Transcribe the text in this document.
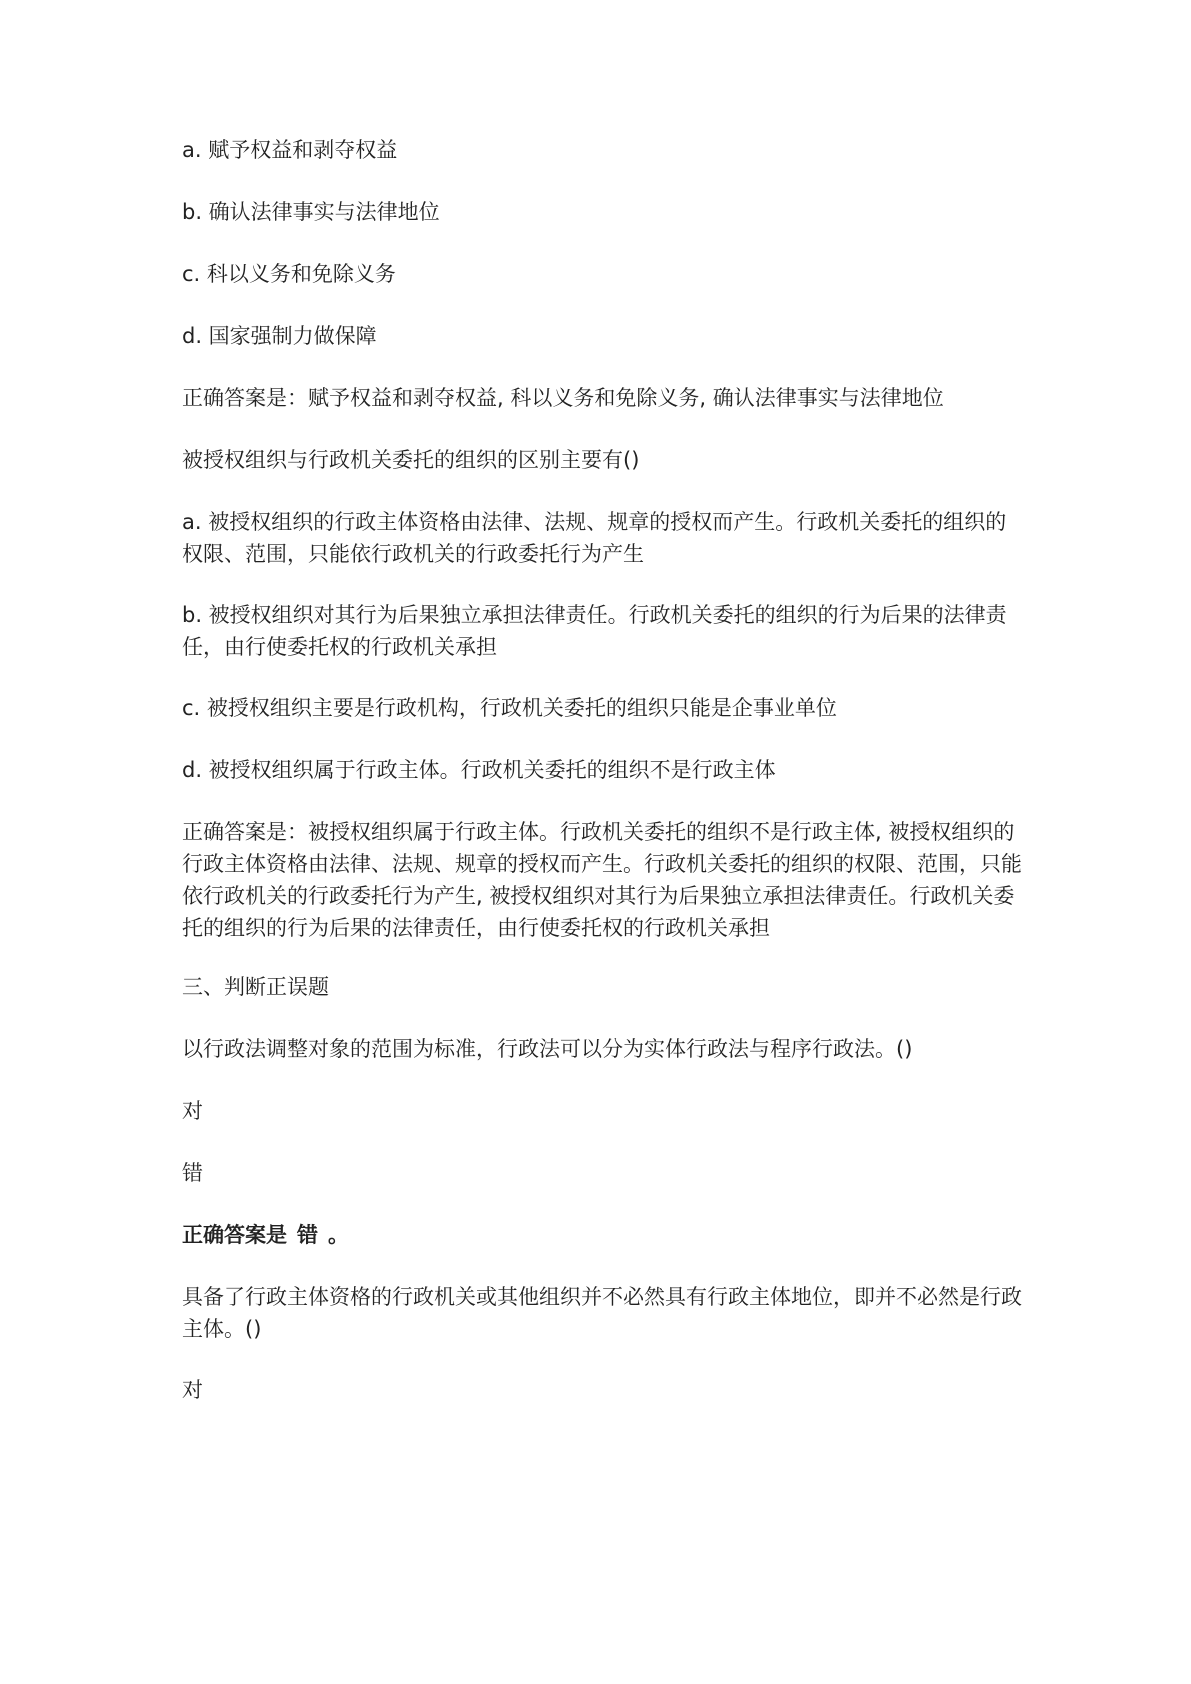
a. 赋予权益和剥夺权益

b. 确认法律事实与法律地位

c. 科以义务和免除义务

d. 国家强制力做保障

正确答案是：赋予权益和剥夺权益, 科以义务和免除义务, 确认法律事实与法律地位

被授权组织与行政机关委托的组织的区别主要有()

a. 被授权组织的行政主体资格由法律、法规、规章的授权而产生。行政机关委托的组织的权限、范围，只能依行政机关的行政委托行为产生

b. 被授权组织对其行为后果独立承担法律责任。行政机关委托的组织的行为后果的法律责任，由行使委托权的行政机关承担

c. 被授权组织主要是行政机构，行政机关委托的组织只能是企事业单位

d. 被授权组织属于行政主体。行政机关委托的组织不是行政主体

正确答案是：被授权组织属于行政主体。行政机关委托的组织不是行政主体, 被授权组织的行政主体资格由法律、法规、规章的授权而产生。行政机关委托的组织的权限、范围，只能依行政机关的行政委托行为产生, 被授权组织对其行为后果独立承担法律责任。行政机关委托的组织的行为后果的法律责任，由行使委托权的行政机关承担

三、判断正误题

以行政法调整对象的范围为标准，行政法可以分为实体行政法与程序行政法。()

对

错

正确答案是 错 。

具备了行政主体资格的行政机关或其他组织并不必然具有行政主体地位，即并不必然是行政主体。()

对
